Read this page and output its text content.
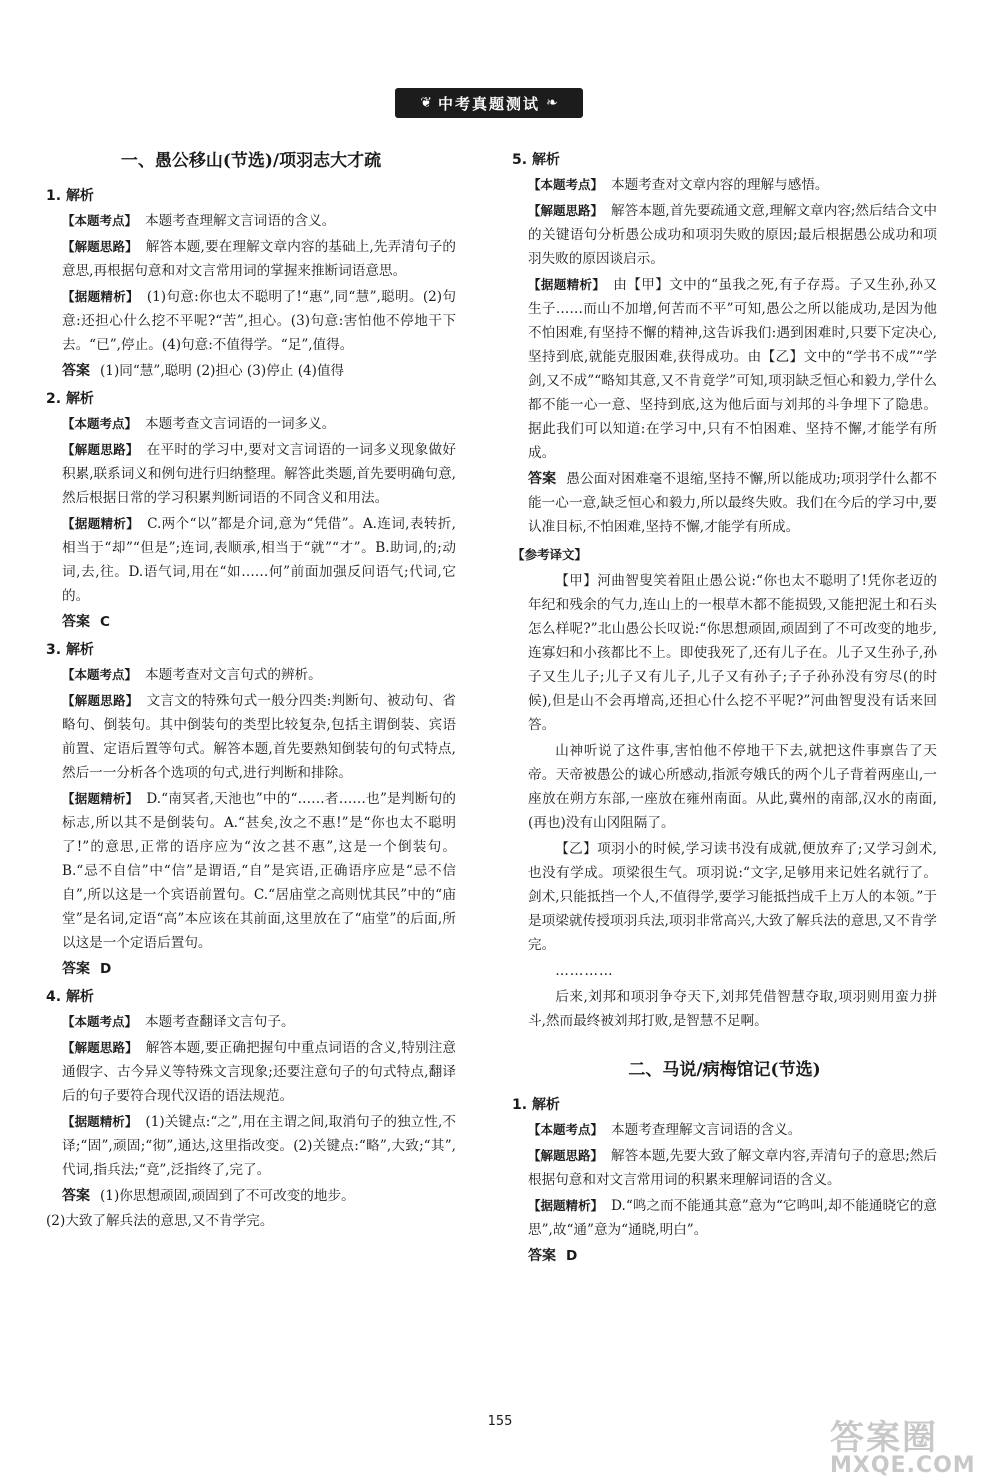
❦ 中考真题测试 ❧
一、愚公移山(节选)/项羽志大才疏
1. 解析
【本题考点】 本题考查理解文言词语的含义。
【解题思路】 解答本题,要在理解文章内容的基础上,先弄清句子的意思,再根据句意和对文言常用词的掌握来推断词语意思。
【据题精析】 (1)句意:你也太不聪明了!“惠”,同“慧”,聪明。(2)句意:还担心什么挖不平呢?“苦”,担心。(3)句意:害怕他不停地干下去。“已”,停止。(4)句意:不值得学。“足”,值得。
答案 (1)同“慧”,聪明 (2)担心 (3)停止 (4)值得
2. 解析
【本题考点】 本题考查文言词语的一词多义。
【解题思路】 在平时的学习中,要对文言词语的一词多义现象做好积累,联系词义和例句进行归纳整理。解答此类题,首先要明确句意,然后根据日常的学习积累判断词语的不同含义和用法。
【据题精析】 C.两个“以”都是介词,意为“凭借”。A.连词,表转折,相当于“却”“但是”;连词,表顺承,相当于“就”“才”。B.助词,的;动词,去,往。D.语气词,用在“如……何”前面加强反问语气;代词,它的。
答案 C
3. 解析
【本题考点】 本题考查对文言句式的辨析。
【解题思路】 文言文的特殊句式一般分四类:判断句、被动句、省略句、倒装句。其中倒装句的类型比较复杂,包括主谓倒装、宾语前置、定语后置等句式。解答本题,首先要熟知倒装句的句式特点,然后一一分析各个选项的句式,进行判断和排除。
【据题精析】 D.“南冥者,天池也”中的“……者……也”是判断句的标志,所以其不是倒装句。A.“甚矣,汝之不惠!”是“你也太不聪明了!”的意思,正常的语序应为“汝之甚不惠”,这是一个倒装句。B.“忌不自信”中“信”是谓语,“自”是宾语,正确语序应是“忌不信自”,所以这是一个宾语前置句。C.“居庙堂之高则忧其民”中的“庙堂”是名词,定语“高”本应该在其前面,这里放在了“庙堂”的后面,所以这是一个定语后置句。
答案 D
4. 解析
【本题考点】 本题考查翻译文言句子。
【解题思路】 解答本题,要正确把握句中重点词语的含义,特别注意通假字、古今异义等特殊文言现象;还要注意句子的句式特点,翻译后的句子要符合现代汉语的语法规范。
【据题精析】 (1)关键点:“之”,用在主谓之间,取消句子的独立性,不译;“固”,顽固;“彻”,通达,这里指改变。(2)关键点:“略”,大致;“其”,代词,指兵法;“竟”,泛指终了,完了。
答案 (1)你思想顽固,顽固到了不可改变的地步。
(2)大致了解兵法的意思,又不肯学完。
5. 解析
【本题考点】 本题考查对文章内容的理解与感悟。
【解题思路】 解答本题,首先要疏通文意,理解文章内容;然后结合文中的关键语句分析愚公成功和项羽失败的原因;最后根据愚公成功和项羽失败的原因谈启示。
【据题精析】 由【甲】文中的“虽我之死,有子存焉。子又生孙,孙又生子……而山不加增,何苦而不平”可知,愚公之所以能成功,是因为他不怕困难,有坚持不懈的精神,这告诉我们:遇到困难时,只要下定决心,坚持到底,就能克服困难,获得成功。由【乙】文中的“学书不成”“学剑,又不成”“略知其意,又不肯竟学”可知,项羽缺乏恒心和毅力,学什么都不能一心一意、坚持到底,这为他后面与刘邦的斗争埋下了隐患。据此我们可以知道:在学习中,只有不怕困难、坚持不懈,才能学有所成。
答案 愚公面对困难毫不退缩,坚持不懈,所以能成功;项羽学什么都不能一心一意,缺乏恒心和毅力,所以最终失败。我们在今后的学习中,要认准目标,不怕困难,坚持不懈,才能学有所成。
【参考译文】
【甲】河曲智叟笑着阻止愚公说:“你也太不聪明了!凭你老迈的年纪和残余的气力,连山上的一根草木都不能损毁,又能把泥土和石头怎么样呢?”北山愚公长叹说:“你思想顽固,顽固到了不可改变的地步,连寡妇和小孩都比不上。即使我死了,还有儿子在。儿子又生孙子,孙子又生儿子;儿子又有儿子,儿子又有孙子;子子孙孙没有穷尽(的时候),但是山不会再增高,还担心什么挖不平呢?”河曲智叟没有话来回答。
山神听说了这件事,害怕他不停地干下去,就把这件事禀告了天帝。天帝被愚公的诚心所感动,指派夸娥氏的两个儿子背着两座山,一座放在朔方东部,一座放在雍州南面。从此,冀州的南部,汉水的南面,(再也)没有山冈阻隔了。
【乙】项羽小的时候,学习读书没有成就,便放弃了;又学习剑术,也没有学成。项梁很生气。项羽说:“文字,足够用来记姓名就行了。剑术,只能抵挡一个人,不值得学,要学习能抵挡成千上万人的本领。”于是项梁就传授项羽兵法,项羽非常高兴,大致了解兵法的意思,又不肯学完。
…………
后来,刘邦和项羽争夺天下,刘邦凭借智慧夺取,项羽则用蛮力拼斗,然而最终被刘邦打败,是智慧不足啊。
二、马说/病梅馆记(节选)
1. 解析
【本题考点】 本题考查理解文言词语的含义。
【解题思路】 解答本题,先要大致了解文章内容,弄清句子的意思;然后根据句意和对文言常用词的积累来理解词语的含义。
【据题精析】 D.“鸣之而不能通其意”意为“它鸣叫,却不能通晓它的意思”,故“通”意为“通晓,明白”。
答案 D
155	答案圈
MXQE.COM
